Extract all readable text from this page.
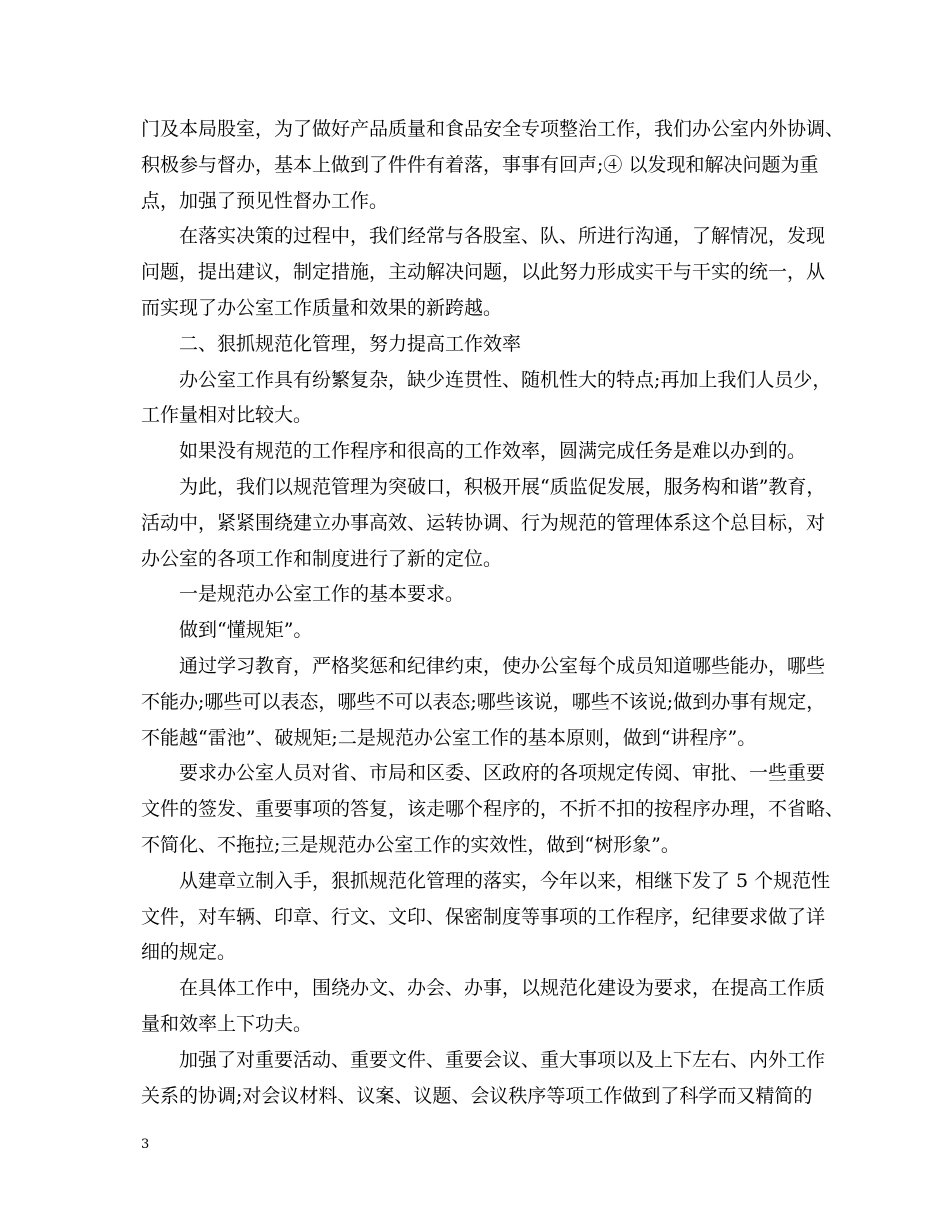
门及本局股室，为了做好产品质量和食品安全专项整治工作，我们办公室内外协调、
积极参与督办，基本上做到了件件有着落，事事有回声;④ 以发现和解决问题为重
点，加强了预见性督办工作。
　　在落实决策的过程中，我们经常与各股室、队、所进行沟通，了解情况，发现
问题，提出建议，制定措施，主动解决问题，以此努力形成实干与干实的统一，从
而实现了办公室工作质量和效果的新跨越。
　　二、狠抓规范化管理，努力提高工作效率
　　办公室工作具有纷繁复杂，缺少连贯性、随机性大的特点;再加上我们人员少，
工作量相对比较大。
　　如果没有规范的工作程序和很高的工作效率，圆满完成任务是难以办到的。
　　为此，我们以规范管理为突破口，积极开展“质监促发展，服务构和谐”教育，
活动中，紧紧围绕建立办事高效、运转协调、行为规范的管理体系这个总目标，对
办公室的各项工作和制度进行了新的定位。
　　一是规范办公室工作的基本要求。
　　做到“懂规矩”。
　　通过学习教育，严格奖惩和纪律约束，使办公室每个成员知道哪些能办，哪些
不能办;哪些可以表态，哪些不可以表态;哪些该说，哪些不该说;做到办事有规定，
不能越“雷池”、破规矩;二是规范办公室工作的基本原则，做到“讲程序”。
　　要求办公室人员对省、市局和区委、区政府的各项规定传阅、审批、一些重要
文件的签发、重要事项的答复，该走哪个程序的，不折不扣的按程序办理，不省略、
不简化、不拖拉;三是规范办公室工作的实效性，做到“树形象”。
　　从建章立制入手，狠抓规范化管理的落实，今年以来，相继下发了 5 个规范性
文件，对车辆、印章、行文、文印、保密制度等事项的工作程序，纪律要求做了详
细的规定。
　　在具体工作中，围绕办文、办会、办事，以规范化建设为要求，在提高工作质
量和效率上下功夫。
　　加强了对重要活动、重要文件、重要会议、重大事项以及上下左右、内外工作
关系的协调;对会议材料、议案、议题、会议秩序等项工作做到了科学而又精简的
3
